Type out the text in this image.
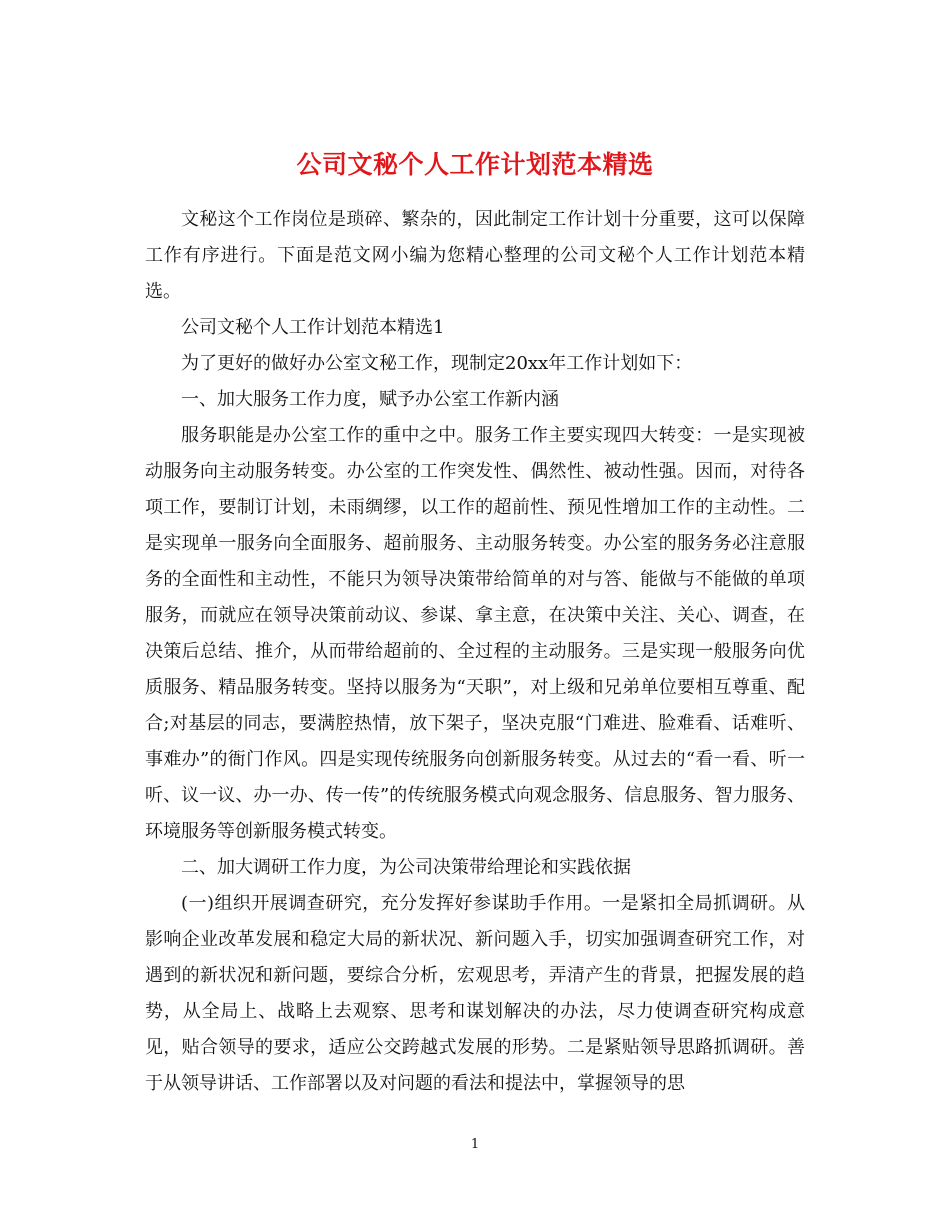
公司文秘个人工作计划范本精选

文秘这个工作岗位是琐碎、繁杂的，因此制定工作计划十分重要，这可以保障工作有序进行。下面是范文网小编为您精心整理的公司文秘个人工作计划范本精选。

公司文秘个人工作计划范本精选1

为了更好的做好办公室文秘工作，现制定20xx年工作计划如下：

一、加大服务工作力度，赋予办公室工作新内涵

服务职能是办公室工作的重中之中。服务工作主要实现四大转变：一是实现被动服务向主动服务转变。办公室的工作突发性、偶然性、被动性强。因而，对待各项工作，要制订计划，未雨绸缪，以工作的超前性、预见性增加工作的主动性。二是实现单一服务向全面服务、超前服务、主动服务转变。办公室的服务务必注意服务的全面性和主动性，不能只为领导决策带给简单的对与答、能做与不能做的单项服务，而就应在领导决策前动议、参谋、拿主意，在决策中关注、关心、调查，在决策后总结、推介，从而带给超前的、全过程的主动服务。三是实现一般服务向优质服务、精品服务转变。坚持以服务为“天职”，对上级和兄弟单位要相互尊重、配合;对基层的同志，要满腔热情，放下架子，坚决克服“门难进、脸难看、话难听、事难办”的衙门作风。四是实现传统服务向创新服务转变。从过去的“看一看、听一听、议一议、办一办、传一传”的传统服务模式向观念服务、信息服务、智力服务、环境服务等创新服务模式转变。

二、加大调研工作力度，为公司决策带给理论和实践依据

(一)组织开展调查研究，充分发挥好参谋助手作用。一是紧扣全局抓调研。从影响企业改革发展和稳定大局的新状况、新问题入手，切实加强调查研究工作，对遇到的新状况和新问题，要综合分析，宏观思考，弄清产生的背景，把握发展的趋势，从全局上、战略上去观察、思考和谋划解决的办法，尽力使调查研究构成意见，贴合领导的要求，适应公交跨越式发展的形势。二是紧贴领导思路抓调研。善于从领导讲话、工作部署以及对问题的看法和提法中，掌握领导的思

1
